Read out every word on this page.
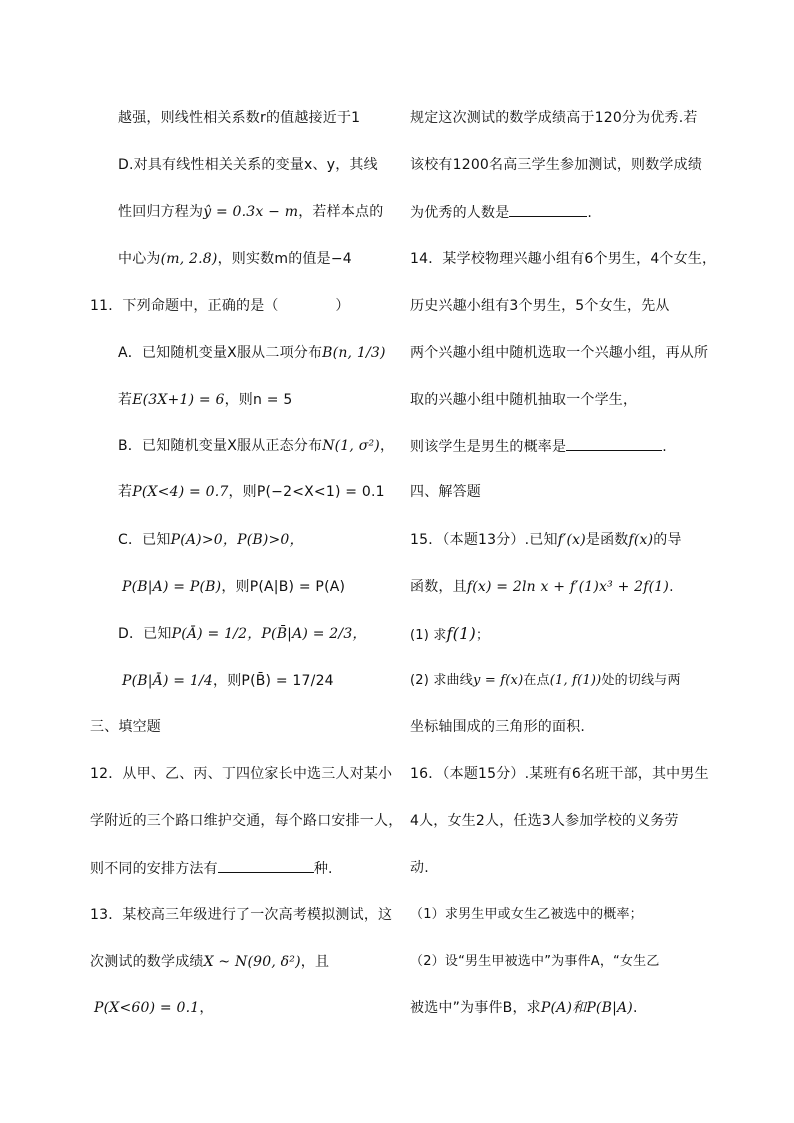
越强，则线性相关系数r的值越接近于1
D.对具有线性相关关系的变量x、y，其线
性回归方程为ŷ = 0.3x − m，若样本点的
中心为(m, 2.8)，则实数m的值是−4
11．下列命题中，正确的是（　　　　）
A．已知随机变量X服从二项分布B(n, 1/3)
若E(3X+1) = 6，则n = 5
B．已知随机变量X服从正态分布N(1, σ²)，
若P(X<4) = 0.7，则P(−2<X<1) = 0.1
C．已知P(A)>0，P(B)>0，
P(B|A) = P(B)，则P(A|B) = P(A)
D．已知P(Ā) = 1/2，P(B̄|A) = 2/3，
P(B|Ā) = 1/4，则P(B̄) = 17/24
三、填空题
12．从甲、乙、丙、丁四位家长中选三人对某小
学附近的三个路口维护交通，每个路口安排一人，
则不同的安排方法有	种.
13．某校高三年级进行了一次高考模拟测试，这
次测试的数学成绩X ~ N(90, δ²)，且
P(X<60) = 0.1，
规定这次测试的数学成绩高于120分为优秀.若
该校有1200名高三学生参加测试，则数学成绩
为优秀的人数是	.
14．某学校物理兴趣小组有6个男生，4个女生，
历史兴趣小组有3个男生，5个女生，先从
两个兴趣小组中随机选取一个兴趣小组，再从所
取的兴趣小组中随机抽取一个学生，
则该学生是男生的概率是	.
四、解答题
15．（本题13分）.已知f′(x)是函数f(x)的导
函数，且f(x) = 2ln x + f′(1)x³ + 2f(1).
(1) 求f(1)；
(2) 求曲线y = f(x)在点(1, f(1))处的切线与两
坐标轴围成的三角形的面积.
16．（本题15分）.某班有6名班干部，其中男生
4人，女生2人，任选3人参加学校的义务劳
动.
（1）求男生甲或女生乙被选中的概率；
（2）设“男生甲被选中”为事件A，“女生乙
被选中”为事件B，求P(A)和P(B|A).
